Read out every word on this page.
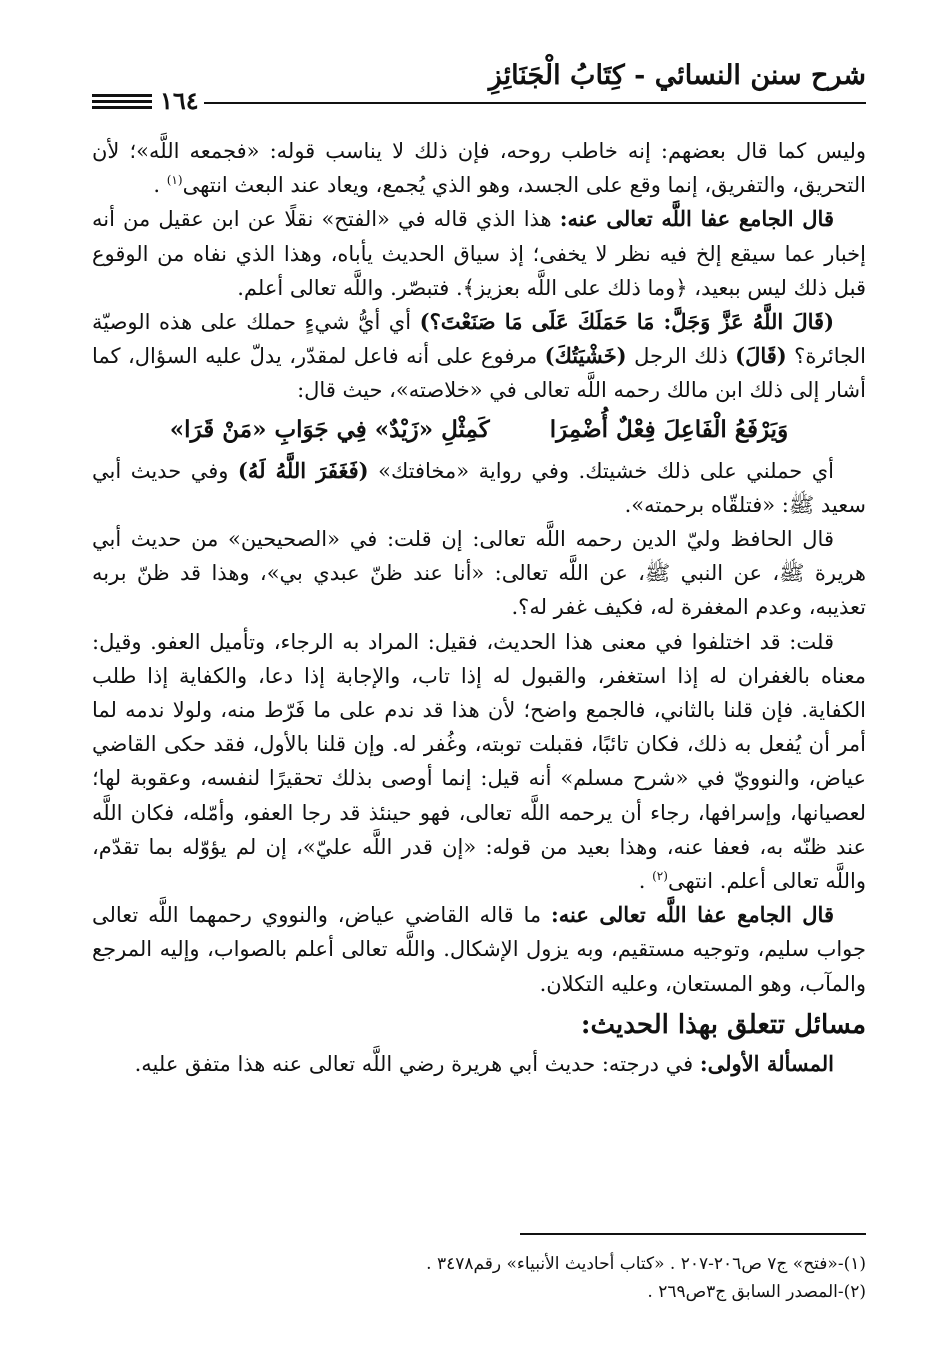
شرح سنن النسائي - كِتَابُ الْجَنَائِزِ
١٦٤

وليس كما قال بعضهم: إنه خاطب روحه، فإن ذلك لا يناسب قوله: «فجمعه اللَّه»؛ لأن التحريق، والتفريق، إنما وقع على الجسد، وهو الذي يُجمع، ويعاد عند البعث انتهى$^{(١)}$ .

قال الجامع عفا اللَّه تعالى عنه: هذا الذي قاله في «الفتح» نقلًا عن ابن عقيل من أنه إخبار عما سيقع إلخ فيه نظر لا يخفى؛ إذ سياق الحديث يأباه، وهذا الذي نفاه من الوقوع قبل ذلك ليس ببعيد، ﴿وما ذلك على اللَّه بعزيز﴾. فتبصّر. واللَّه تعالى أعلم.

(قَالَ اللَّهُ عَزَّ وَجَلَّ: مَا حَمَلَكَ عَلَى مَا صَنَعْتَ؟) أي أيُّ شيءٍ حملك على هذه الوصيّة الجائرة؟ (قَالَ) ذلك الرجل (خَشْيَتُكَ) مرفوع على أنه فاعل لمقدّر، يدلّ عليه السؤال، كما أشار إلى ذلك ابن مالك رحمه اللَّه تعالى في «خلاصته»، حيث قال:

وَيَرْفَعُ الْفَاعِلَ فِعْلٌ أُضْمِرَا كَمِثْلِ «زَيْدٌ» فِي جَوَابِ «مَنْ قَرَا»

أي حملني على ذلك خشيتك. وفي رواية «مخافتك» (فَغَفَرَ اللَّهُ لَهُ) وفي حديث أبي سعيد ﷺ: «فتلقّاه برحمته».

قال الحافظ وليّ الدين رحمه اللَّه تعالى: إن قلت: في «الصحيحين» من حديث أبي هريرة ﷺ، عن النبي ﷺ، عن اللَّه تعالى: «أنا عند ظنّ عبدي بي»، وهذا قد ظنّ بربه تعذيبه، وعدم المغفرة له، فكيف غفر له؟.

قلت: قد اختلفوا في معنى هذا الحديث، فقيل: المراد به الرجاء، وتأميل العفو. وقيل: معناه بالغفران له إذا استغفر، والقبول له إذا تاب، والإجابة إذا دعا، والكفاية إذا طلب الكفاية. فإن قلنا بالثاني، فالجمع واضح؛ لأن هذا قد ندم على ما فَرّط منه، ولولا ندمه لما أمر أن يُفعل به ذلك، فكان تائبًا، فقبلت توبته، وغُفر له. وإن قلنا بالأول، فقد حكى القاضي عياض، والنوويّ في «شرح مسلم» أنه قيل: إنما أوصى بذلك تحقيرًا لنفسه، وعقوبة لها؛ لعصيانها، وإسرافها، رجاء أن يرحمه اللَّه تعالى، فهو حينئذ قد رجا العفو، وأمّله، فكان اللَّه عند ظنّه به، فعفا عنه، وهذا بعيد من قوله: «إن قدر اللَّه عليّ»، إن لم يؤوّله بما تقدّم، واللَّه تعالى أعلم. انتهى$^{(٢)}$ .

قال الجامع عفا اللَّه تعالى عنه: ما قاله القاضي عياض، والنووي رحمهما اللَّه تعالى جواب سليم، وتوجيه مستقيم، وبه يزول الإشكال. واللَّه تعالى أعلم بالصواب، وإليه المرجع والمآب، وهو المستعان، وعليه التكلان.

مسائل تتعلق بهذا الحديث:

المسألة الأولى: في درجته: حديث أبي هريرة رضي اللَّه تعالى عنه هذا متفق عليه.

(١)-«فتح» ج٧ ص٢٠٦-٢٠٧ . «كتاب أحاديث الأنبياء» رقم٣٤٧٨ .
(٢)-المصدر السابق ج٣ص٢٦٩ .
